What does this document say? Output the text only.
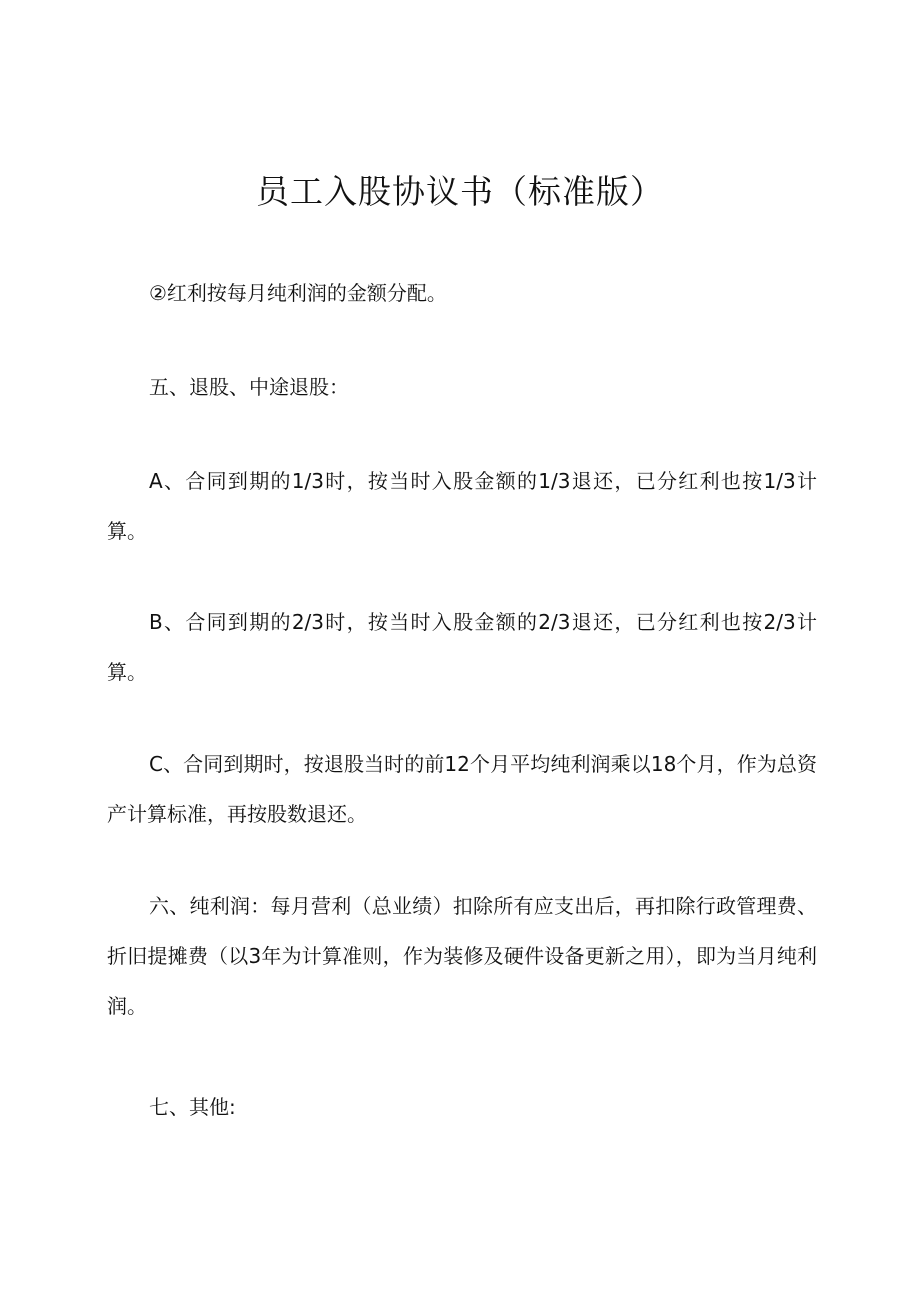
员工入股协议书（标准版）

②红利按每月纯利润的金额分配。

五、退股、中途退股：

A、合同到期的1/3时，按当时入股金额的1/3退还，已分红利也按1/3计算。

B、合同到期的2/3时，按当时入股金额的2/3退还，已分红利也按2/3计算。

C、合同到期时，按退股当时的前12个月平均纯利润乘以18个月，作为总资产计算标准，再按股数退还。

六、纯利润：每月营利（总业绩）扣除所有应支出后，再扣除行政管理费、折旧提摊费（以3年为计算准则，作为装修及硬件设备更新之用），即为当月纯利润。

七、其他:
